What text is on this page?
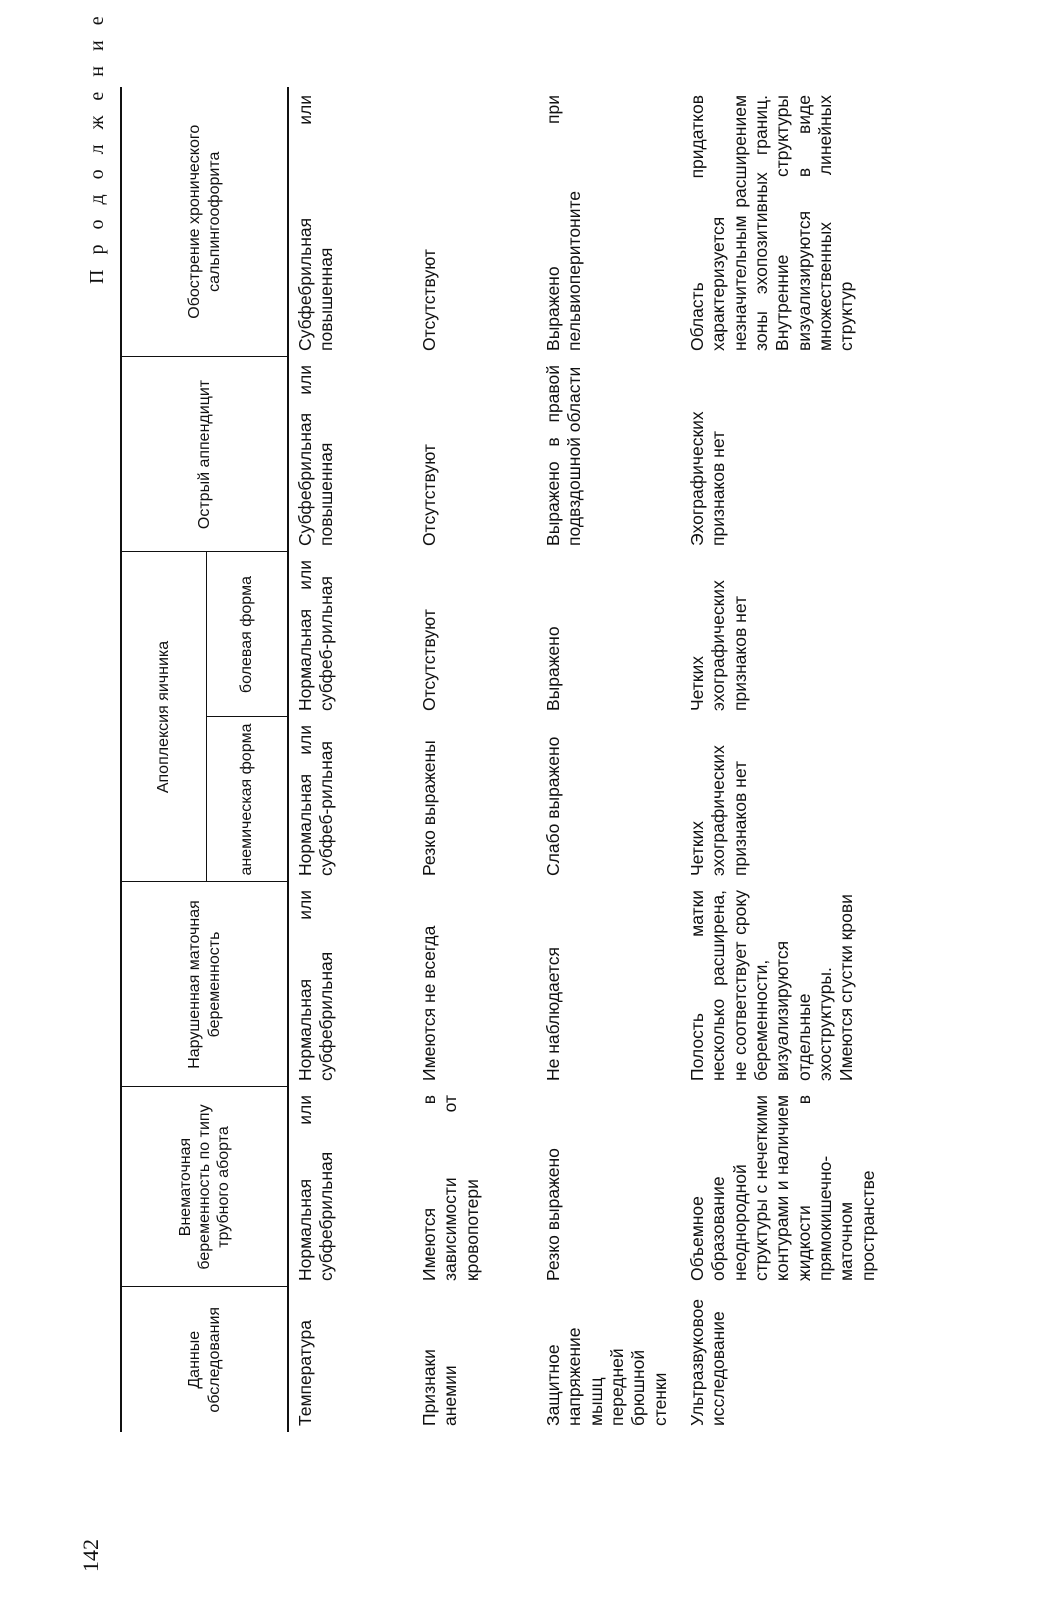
П р о д о л ж е н и е
Данные обследования	Внематочная беременность по типу трубного аборта	Нарушенная маточная беременность	Апоплексия яичника		Острый аппендицит	Обострение хронического сальпингоофорита
			анемическая форма	болевая форма		
Температура	Нормальная или субфебрильная	Нормальная или субфебрильная	Нормальная или субфеб-рильная	Нормальная или субфеб-рильная	Субфебрильная или повышенная	Субфебрильная или повышенная
Признаки анемии	Имеются в зависимости от кровопотери	Имеются не всегда	Резко выражены	Отсутствуют	Отсутствуют	Отсутствуют
Защитное напряжение мышц передней брюшной стенки	Резко выражено	Не наблюдается	Слабо выражено	Выражено	Выражено в правой подвздошной области	Выражено при пельвиоперитоните
Ультразвуковое исследование	Объемное образование неоднородной структуры с нечеткими контурами и наличием жидкости в прямокишечно-маточном пространстве	Полость матки несколько расширена, не соответствует сроку беременности, визуализируются отдельные эхоструктуры. Имеются сгустки крови	Четких эхографических признаков нет	Четких эхографических признаков нет	Эхографических признаков нет	Область придатков характеризуется незначительным расширением зоны эхопозитивных границ. Внутренние структуры визуализируются в виде множественных линейных структур
142
